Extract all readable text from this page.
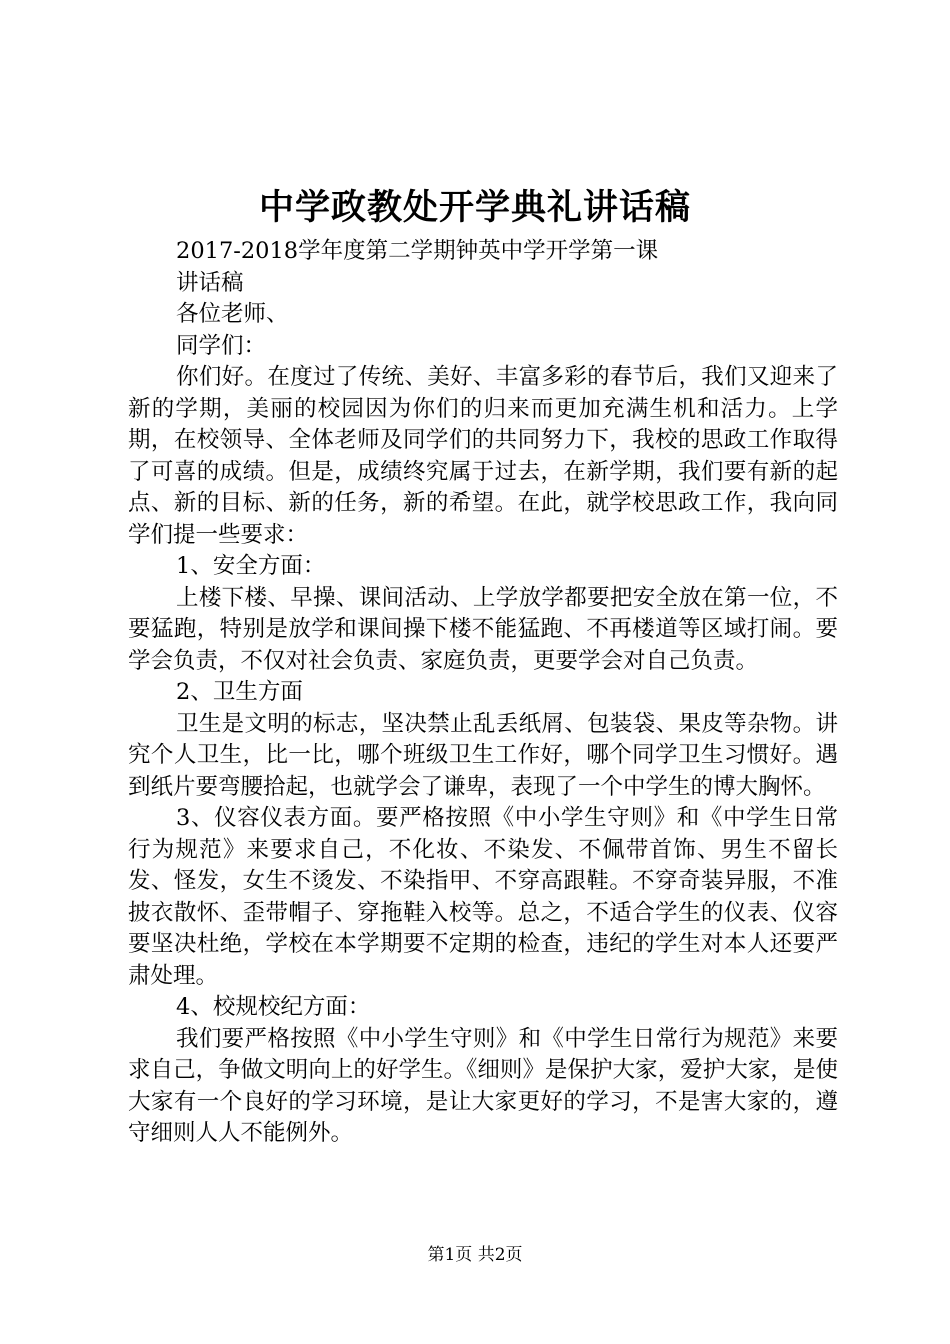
中学政教处开学典礼讲话稿

2017-2018学年度第二学期钟英中学开学第一课

讲话稿

各位老师、

同学们：

你们好。在度过了传统、美好、丰富多彩的春节后，我们又迎来了新的学期，美丽的校园因为你们的归来而更加充满生机和活力。上学期，在校领导、全体老师及同学们的共同努力下，我校的思政工作取得了可喜的成绩。但是，成绩终究属于过去，在新学期，我们要有新的起点、新的目标、新的任务，新的希望。在此，就学校思政工作，我向同学们提一些要求：

1、安全方面：

上楼下楼、早操、课间活动、上学放学都要把安全放在第一位，不要猛跑，特别是放学和课间操下楼不能猛跑、不再楼道等区域打闹。要学会负责，不仅对社会负责、家庭负责，更要学会对自己负责。

2、卫生方面

卫生是文明的标志，坚决禁止乱丢纸屑、包装袋、果皮等杂物。讲究个人卫生，比一比，哪个班级卫生工作好，哪个同学卫生习惯好。遇到纸片要弯腰拾起，也就学会了谦卑，表现了一个中学生的博大胸怀。

3、仪容仪表方面。要严格按照《中小学生守则》和《中学生日常行为规范》来要求自己，不化妆、不染发、不佩带首饰、男生不留长发、怪发，女生不烫发、不染指甲、不穿高跟鞋。不穿奇装异服，不准披衣散怀、歪带帽子、穿拖鞋入校等。总之，不适合学生的仪表、仪容要坚决杜绝，学校在本学期要不定期的检查，违纪的学生对本人还要严肃处理。

4、校规校纪方面：

我们要严格按照《中小学生守则》和《中学生日常行为规范》来要求自己，争做文明向上的好学生。《细则》是保护大家，爱护大家，是使大家有一个良好的学习环境，是让大家更好的学习，不是害大家的，遵守细则人人不能例外。

第1页 共2页
